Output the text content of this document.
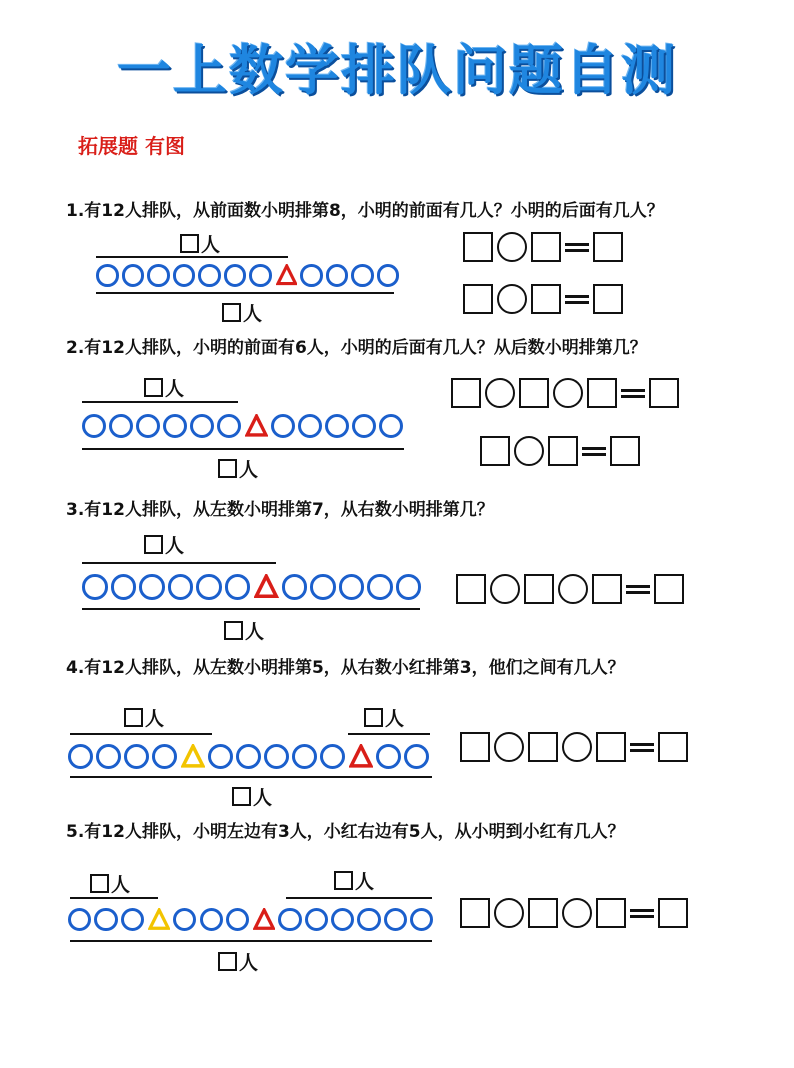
一上数学排队问题自测
拓展题 有图
1.有12人排队，从前面数小明排第8，小明的前面有几人？小明的后面有几人？
人
人
2.有12人排队，小明的前面有6人，小明的后面有几人？从后数小明排第几？
人
人
3.有12人排队，从左数小明排第7，从右数小明排第几？
人
人
4.有12人排队，从左数小明排第5，从右数小红排第3，他们之间有几人？
人	人
人
5.有12人排队，小明左边有3人，小红右边有5人，从小明到小红有几人？
人	人
人
